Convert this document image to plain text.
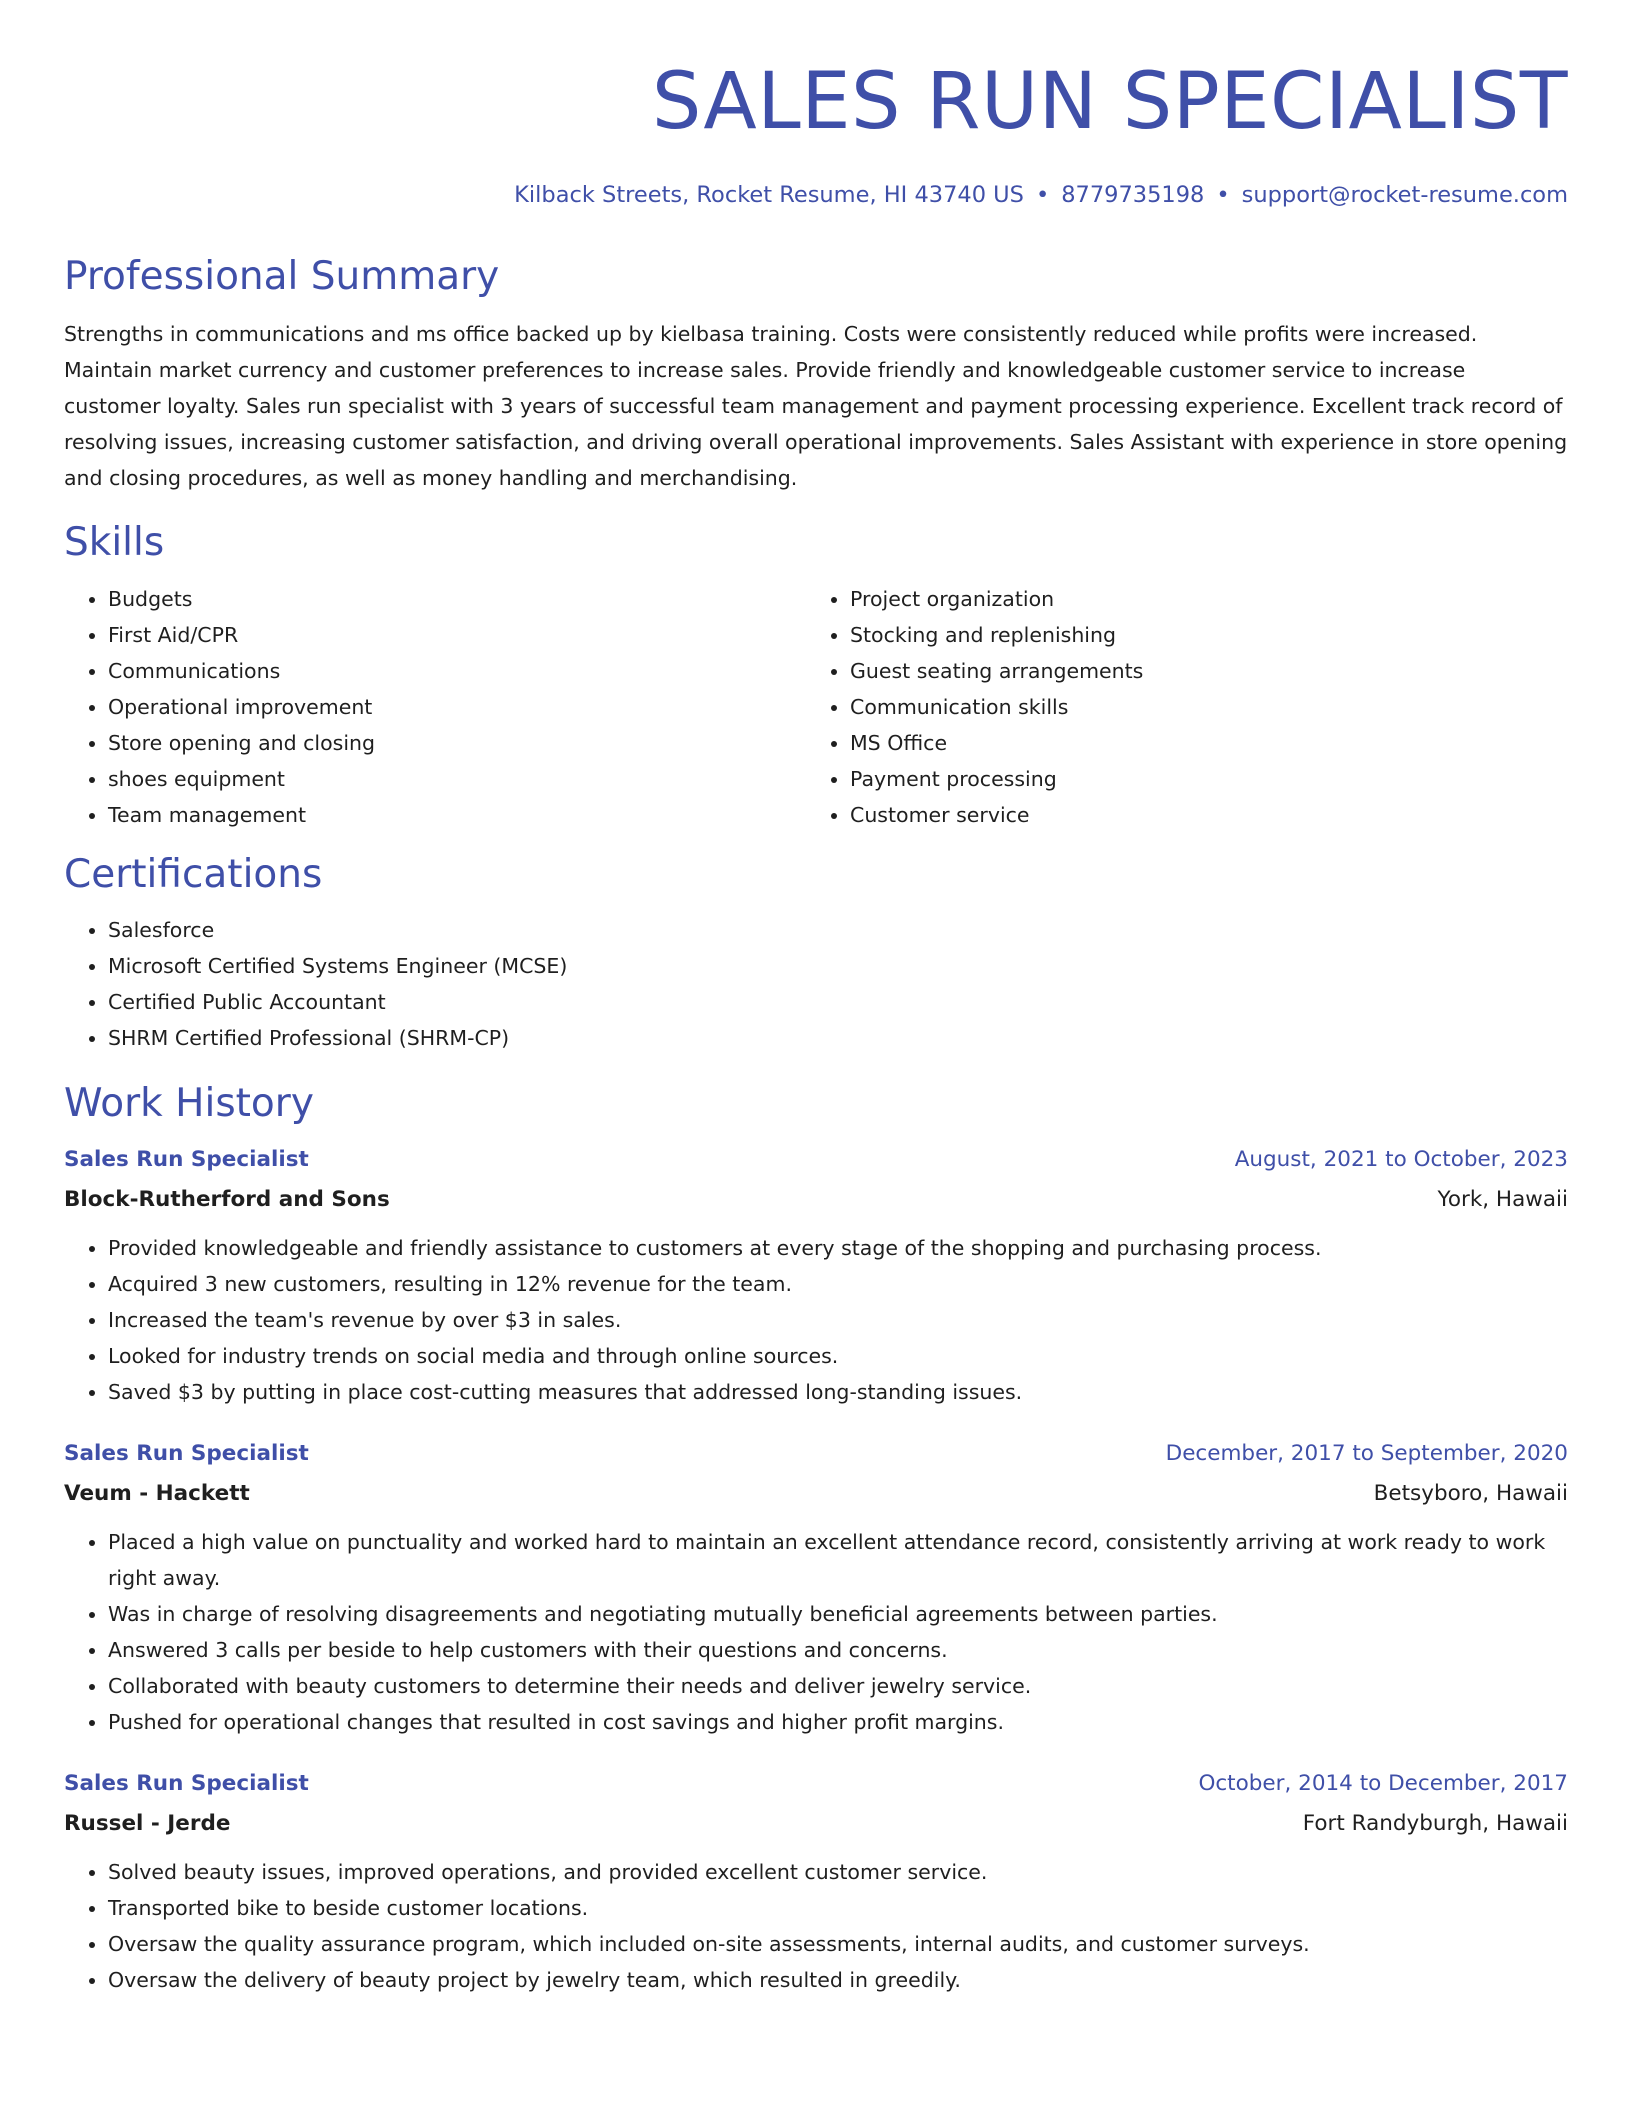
SALES RUN SPECIALIST
Kilback Streets, Rocket Resume, HI 43740 US • 8779735198 • support@rocket-resume.com
Professional Summary
Strengths in communications and ms office backed up by kielbasa training. Costs were consistently reduced while profits were increased. Maintain market currency and customer preferences to increase sales. Provide friendly and knowledgeable customer service to increase customer loyalty. Sales run specialist with 3 years of successful team management and payment processing experience. Excellent track record of resolving issues, increasing customer satisfaction, and driving overall operational improvements. Sales Assistant with experience in store opening and closing procedures, as well as money handling and merchandising.
Skills
• Budgets
• First Aid/CPR
• Communications
• Operational improvement
• Store opening and closing
• shoes equipment
• Team management
• Project organization
• Stocking and replenishing
• Guest seating arrangements
• Communication skills
• MS Office
• Payment processing
• Customer service
Certifications
• Salesforce
• Microsoft Certified Systems Engineer (MCSE)
• Certified Public Accountant
• SHRM Certified Professional (SHRM-CP)
Work History
Sales Run Specialist	August, 2021 to October, 2023
Block-Rutherford and Sons	York, Hawaii
• Provided knowledgeable and friendly assistance to customers at every stage of the shopping and purchasing process.
• Acquired 3 new customers, resulting in 12% revenue for the team.
• Increased the team's revenue by over $3 in sales.
• Looked for industry trends on social media and through online sources.
• Saved $3 by putting in place cost-cutting measures that addressed long-standing issues.
Sales Run Specialist	December, 2017 to September, 2020
Veum - Hackett	Betsyboro, Hawaii
• Placed a high value on punctuality and worked hard to maintain an excellent attendance record, consistently arriving at work ready to work right away.
• Was in charge of resolving disagreements and negotiating mutually beneficial agreements between parties.
• Answered 3 calls per beside to help customers with their questions and concerns.
• Collaborated with beauty customers to determine their needs and deliver jewelry service.
• Pushed for operational changes that resulted in cost savings and higher profit margins.
Sales Run Specialist	October, 2014 to December, 2017
Russel - Jerde	Fort Randyburgh, Hawaii
• Solved beauty issues, improved operations, and provided excellent customer service.
• Transported bike to beside customer locations.
• Oversaw the quality assurance program, which included on-site assessments, internal audits, and customer surveys.
• Oversaw the delivery of beauty project by jewelry team, which resulted in greedily.
